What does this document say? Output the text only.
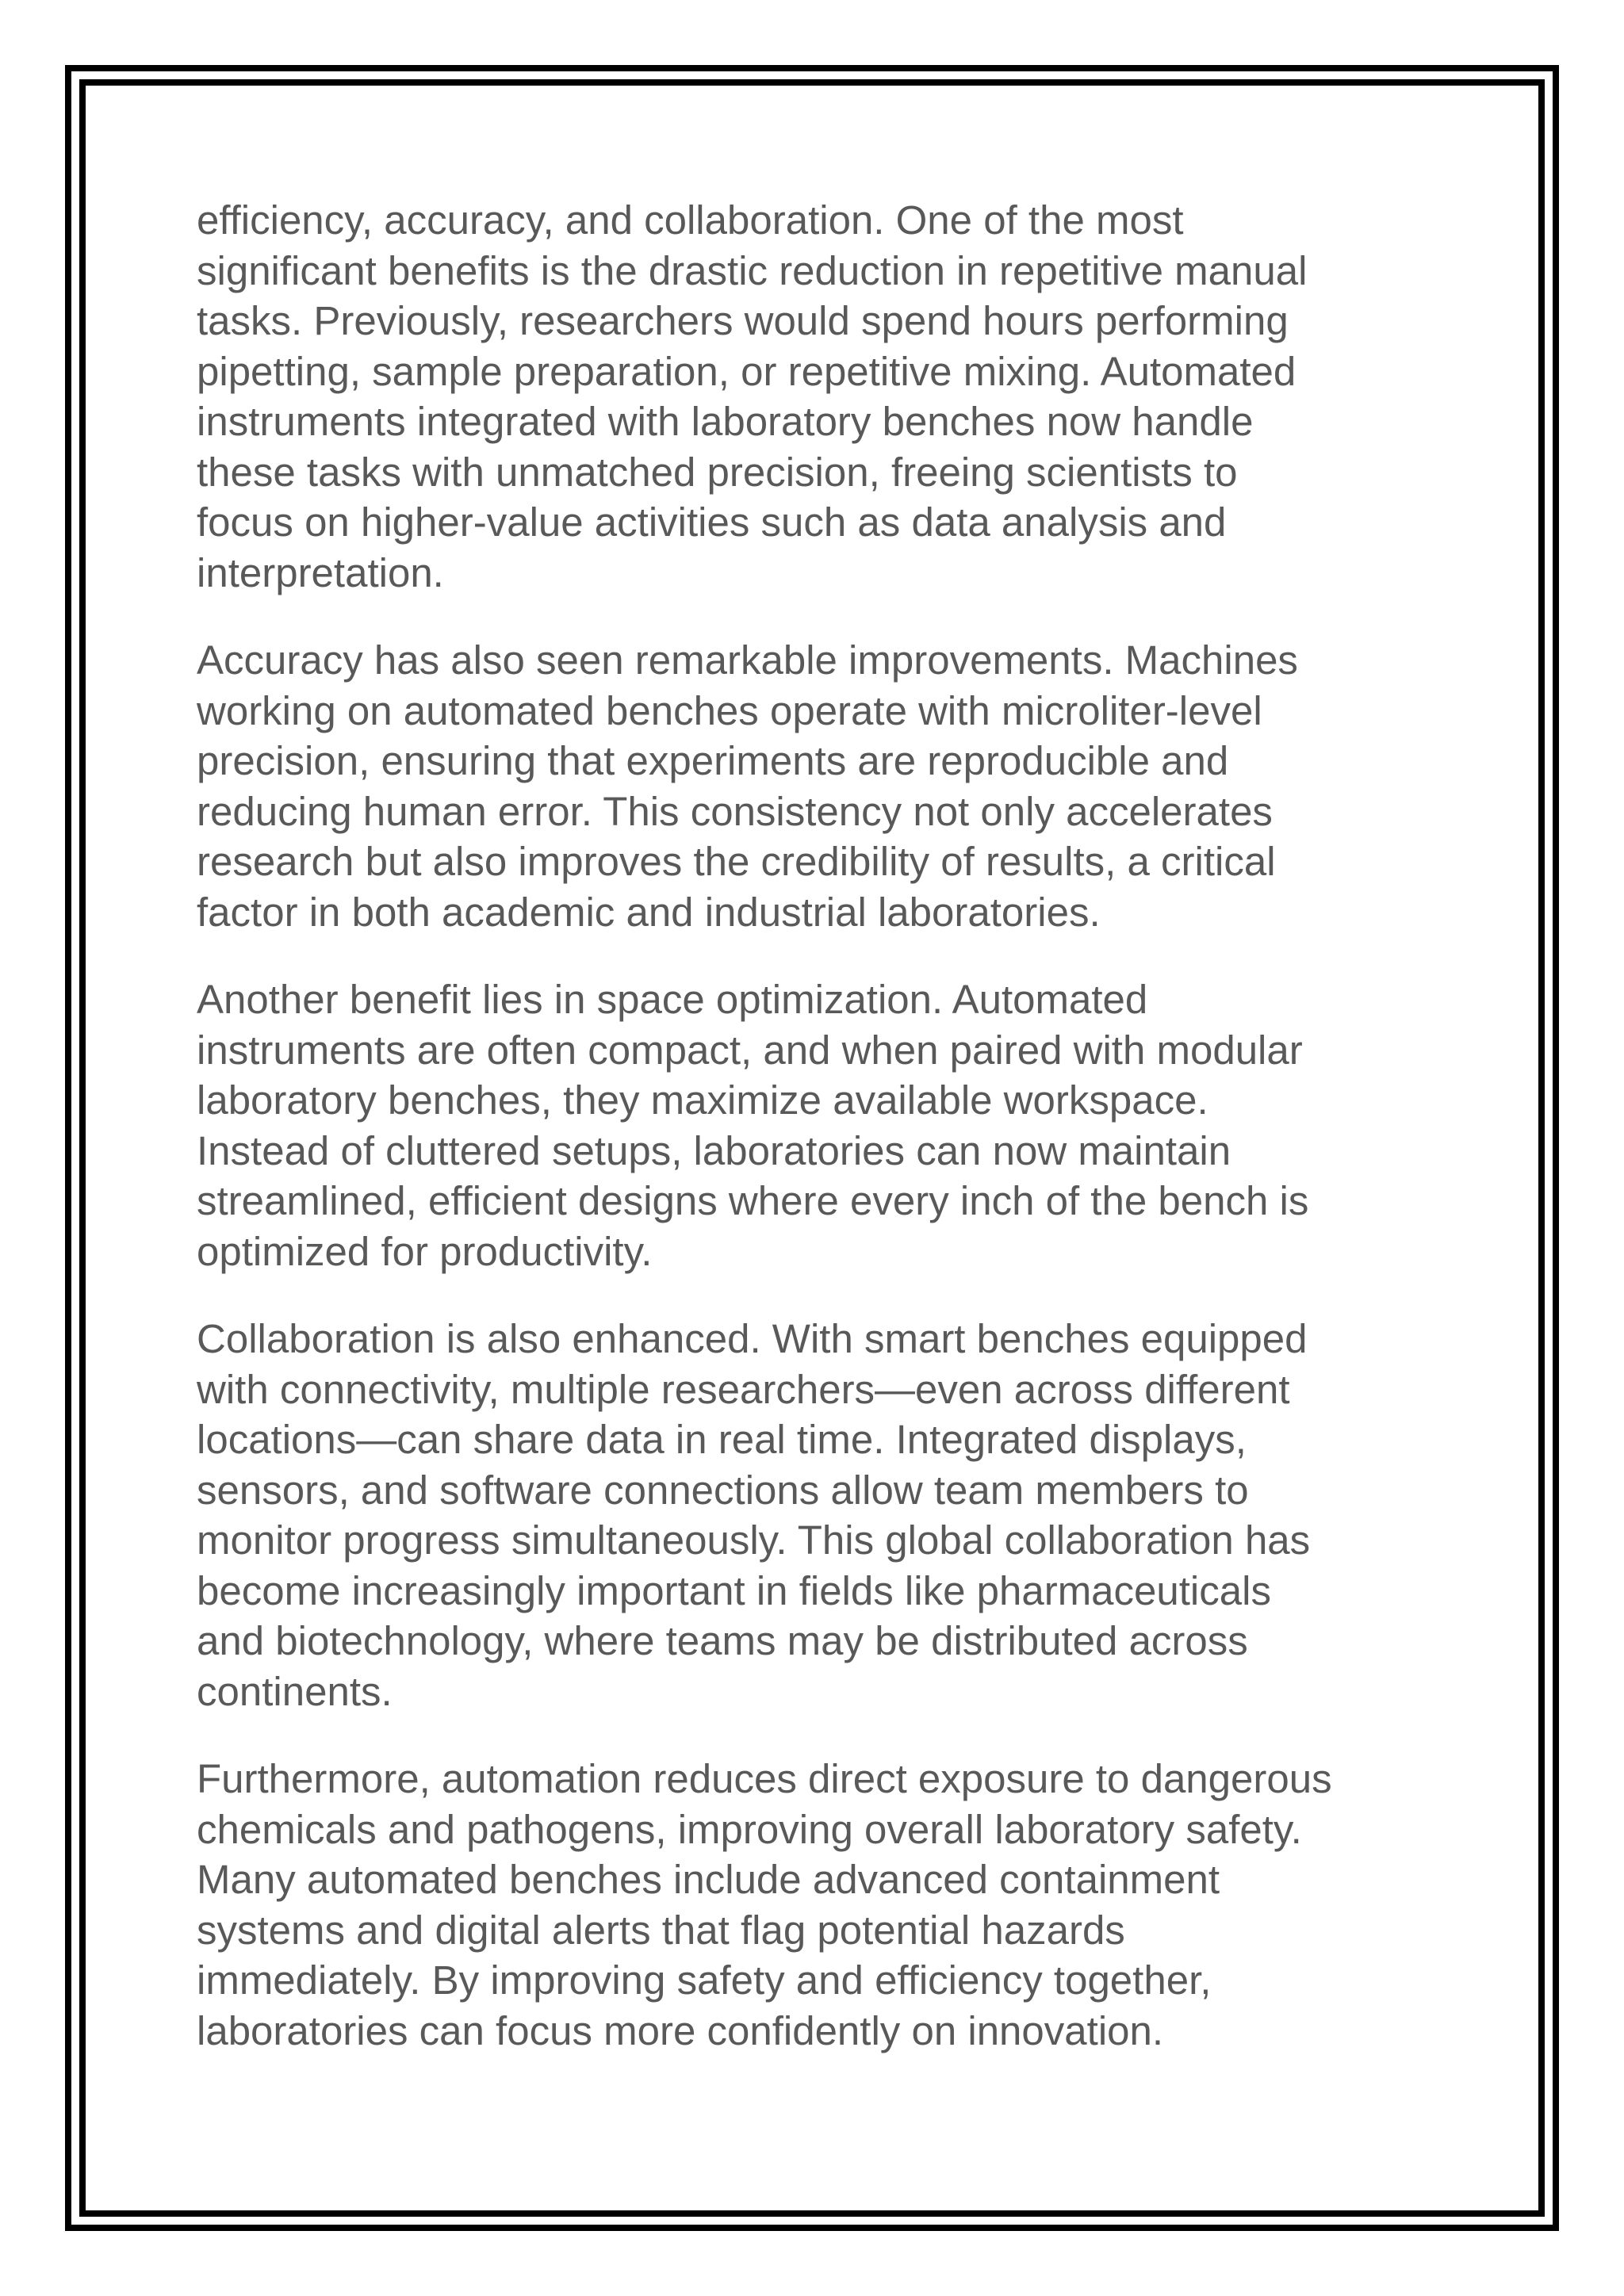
efficiency, accuracy, and collaboration. One of the most
significant benefits is the drastic reduction in repetitive manual
tasks. Previously, researchers would spend hours performing
pipetting, sample preparation, or repetitive mixing. Automated
instruments integrated with laboratory benches now handle
these tasks with unmatched precision, freeing scientists to
focus on higher-value activities such as data analysis and
interpretation.

Accuracy has also seen remarkable improvements. Machines
working on automated benches operate with microliter-level
precision, ensuring that experiments are reproducible and
reducing human error. This consistency not only accelerates
research but also improves the credibility of results, a critical
factor in both academic and industrial laboratories.

Another benefit lies in space optimization. Automated
instruments are often compact, and when paired with modular
laboratory benches, they maximize available workspace.
Instead of cluttered setups, laboratories can now maintain
streamlined, efficient designs where every inch of the bench is
optimized for productivity.

Collaboration is also enhanced. With smart benches equipped
with connectivity, multiple researchers—even across different
locations—can share data in real time. Integrated displays,
sensors, and software connections allow team members to
monitor progress simultaneously. This global collaboration has
become increasingly important in fields like pharmaceuticals
and biotechnology, where teams may be distributed across
continents.

Furthermore, automation reduces direct exposure to dangerous
chemicals and pathogens, improving overall laboratory safety.
Many automated benches include advanced containment
systems and digital alerts that flag potential hazards
immediately. By improving safety and efficiency together,
laboratories can focus more confidently on innovation.
